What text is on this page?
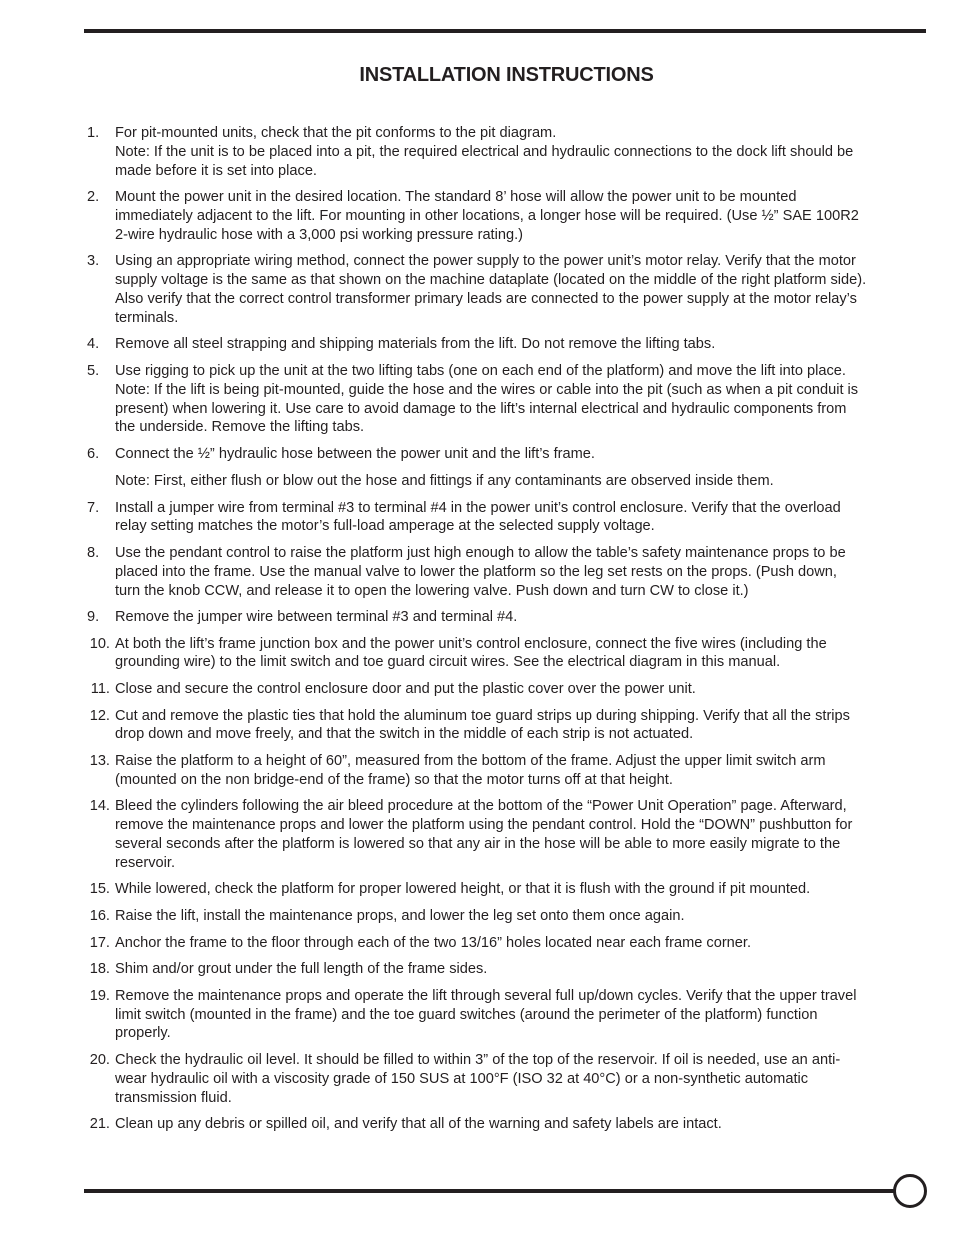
INSTALLATION INSTRUCTIONS
1.	For pit-mounted units, check that the pit conforms to the pit diagram.
Note: If the unit is to be placed into a pit, the required electrical and hydraulic connections to the dock lift should be
made before it is set into place.
2.	Mount the power unit in the desired location. The standard 8’ hose will allow the power unit to be mounted
immediately adjacent to the lift. For mounting in other locations, a longer hose will be required. (Use ½” SAE 100R2
2-wire hydraulic hose with a 3,000 psi working pressure rating.)
3.	Using an appropriate wiring method, connect the power supply to the power unit’s motor relay. Verify that the motor
supply voltage is the same as that shown on the machine dataplate (located on the middle of the right platform side).
Also verify that the correct control transformer primary leads are connected to the power supply at the motor relay’s
terminals.
4.	Remove all steel strapping and shipping materials from the lift. Do not remove the lifting tabs.
5.	Use rigging to pick up the unit at the two lifting tabs (one on each end of the platform) and move the lift into place.
Note: If the lift is being pit-mounted, guide the hose and the wires or cable into the pit (such as when a pit conduit is
present) when lowering it. Use care to avoid damage to the lift’s internal electrical and hydraulic components from
the underside. Remove the lifting tabs.
6.	Connect the ½” hydraulic hose between the power unit and the lift’s frame.
Note: First, either flush or blow out the hose and fittings if any contaminants are observed inside them.
7.	Install a jumper wire from terminal #3 to terminal #4 in the power unit’s control enclosure. Verify that the overload
relay setting matches the motor’s full-load amperage at the selected supply voltage.
8.	Use the pendant control to raise the platform just high enough to allow the table’s safety maintenance props to be
placed into the frame. Use the manual valve to lower the platform so the leg set rests on the props. (Push down,
turn the knob CCW, and release it to open the lowering valve. Push down and turn CW to close it.)
9.	Remove the jumper wire between terminal #3 and terminal #4.
10. At both the lift’s frame junction box and the power unit’s control enclosure, connect the five wires (including the
grounding wire) to the limit switch and toe guard circuit wires. See the electrical diagram in this manual.
11. Close and secure the control enclosure door and put the plastic cover over the power unit.
12. Cut and remove the plastic ties that hold the aluminum toe guard strips up during shipping. Verify that all the strips
drop down and move freely, and that the switch in the middle of each strip is not actuated.
13. Raise the platform to a height of 60”, measured from the bottom of the frame. Adjust the upper limit switch arm
(mounted on the non bridge-end of the frame) so that the motor turns off at that height.
14. Bleed the cylinders following the air bleed procedure at the bottom of the “Power Unit Operation” page. Afterward,
remove the maintenance props and lower the platform using the pendant control. Hold the “DOWN” pushbutton for
several seconds after the platform is lowered so that any air in the hose will be able to more easily migrate to the
reservoir.
15. While lowered, check the platform for proper lowered height, or that it is flush with the ground if pit mounted.
16. Raise the lift, install the maintenance props, and lower the leg set onto them once again.
17. Anchor the frame to the floor through each of the two 13/16” holes located near each frame corner.
18. Shim and/or grout under the full length of the frame sides.
19. Remove the maintenance props and operate the lift through several full up/down cycles. Verify that the upper travel
limit switch (mounted in the frame) and the toe guard switches (around the perimeter of the platform) function
properly.
20. Check the hydraulic oil level. It should be filled to within 3” of the top of the reservoir. If oil is needed, use an anti-
wear hydraulic oil with a viscosity grade of 150 SUS at 100°F (ISO 32 at 40°C) or a non-synthetic automatic
transmission fluid.
21. Clean up any debris or spilled oil, and verify that all of the warning and safety labels are intact.
